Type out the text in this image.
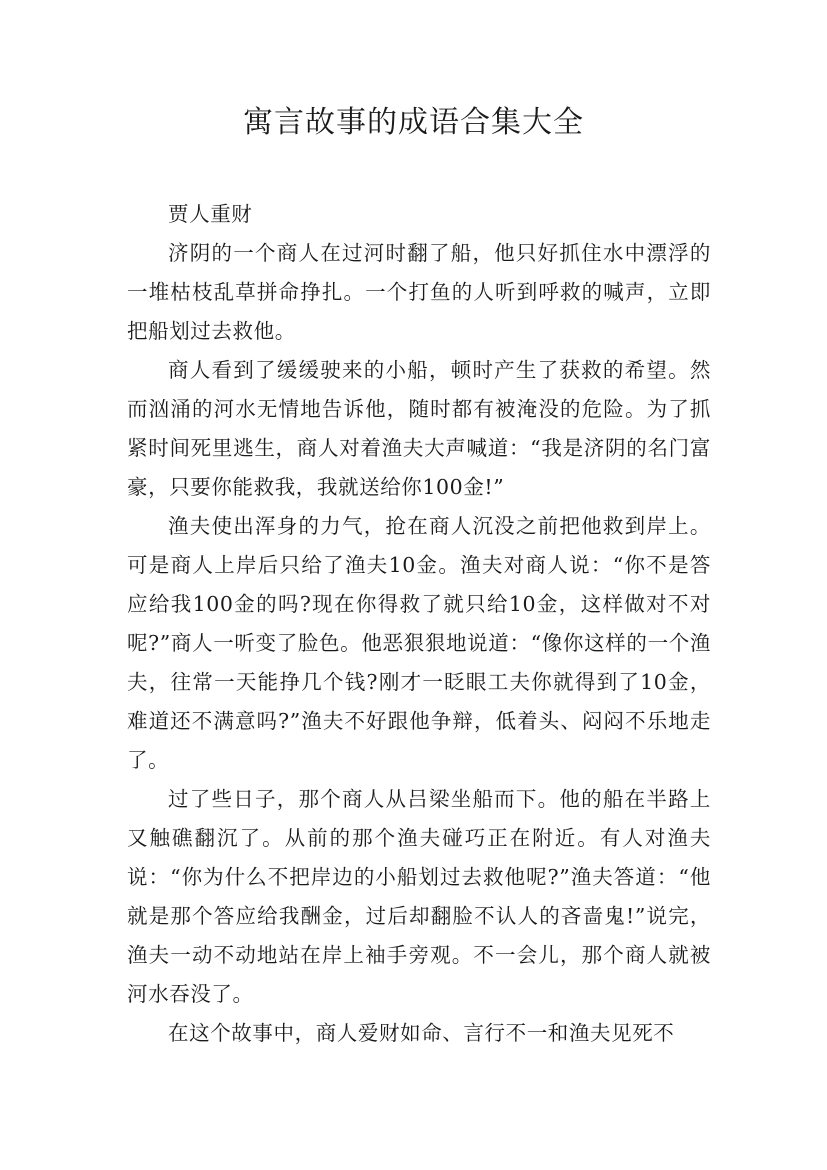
寓言故事的成语合集大全

贾人重财

济阴的一个商人在过河时翻了船，他只好抓住水中漂浮的一堆枯枝乱草拼命挣扎。一个打鱼的人听到呼救的喊声，立即把船划过去救他。

商人看到了缓缓驶来的小船，顿时产生了获救的希望。然而汹涌的河水无情地告诉他，随时都有被淹没的危险。为了抓紧时间死里逃生，商人对着渔夫大声喊道：“我是济阴的名门富豪，只要你能救我，我就送给你100金!”

渔夫使出浑身的力气，抢在商人沉没之前把他救到岸上。可是商人上岸后只给了渔夫10金。渔夫对商人说：“你不是答应给我100金的吗?现在你得救了就只给10金，这样做对不对呢?”商人一听变了脸色。他恶狠狠地说道：“像你这样的一个渔夫，往常一天能挣几个钱?刚才一眨眼工夫你就得到了10金，难道还不满意吗?”渔夫不好跟他争辩，低着头、闷闷不乐地走了。

过了些日子，那个商人从吕梁坐船而下。他的船在半路上又触礁翻沉了。从前的那个渔夫碰巧正在附近。有人对渔夫说：“你为什么不把岸边的小船划过去救他呢?”渔夫答道：“他就是那个答应给我酬金，过后却翻脸不认人的吝啬鬼!”说完，渔夫一动不动地站在岸上袖手旁观。不一会儿，那个商人就被河水吞没了。

在这个故事中，商人爱财如命、言行不一和渔夫见死不
